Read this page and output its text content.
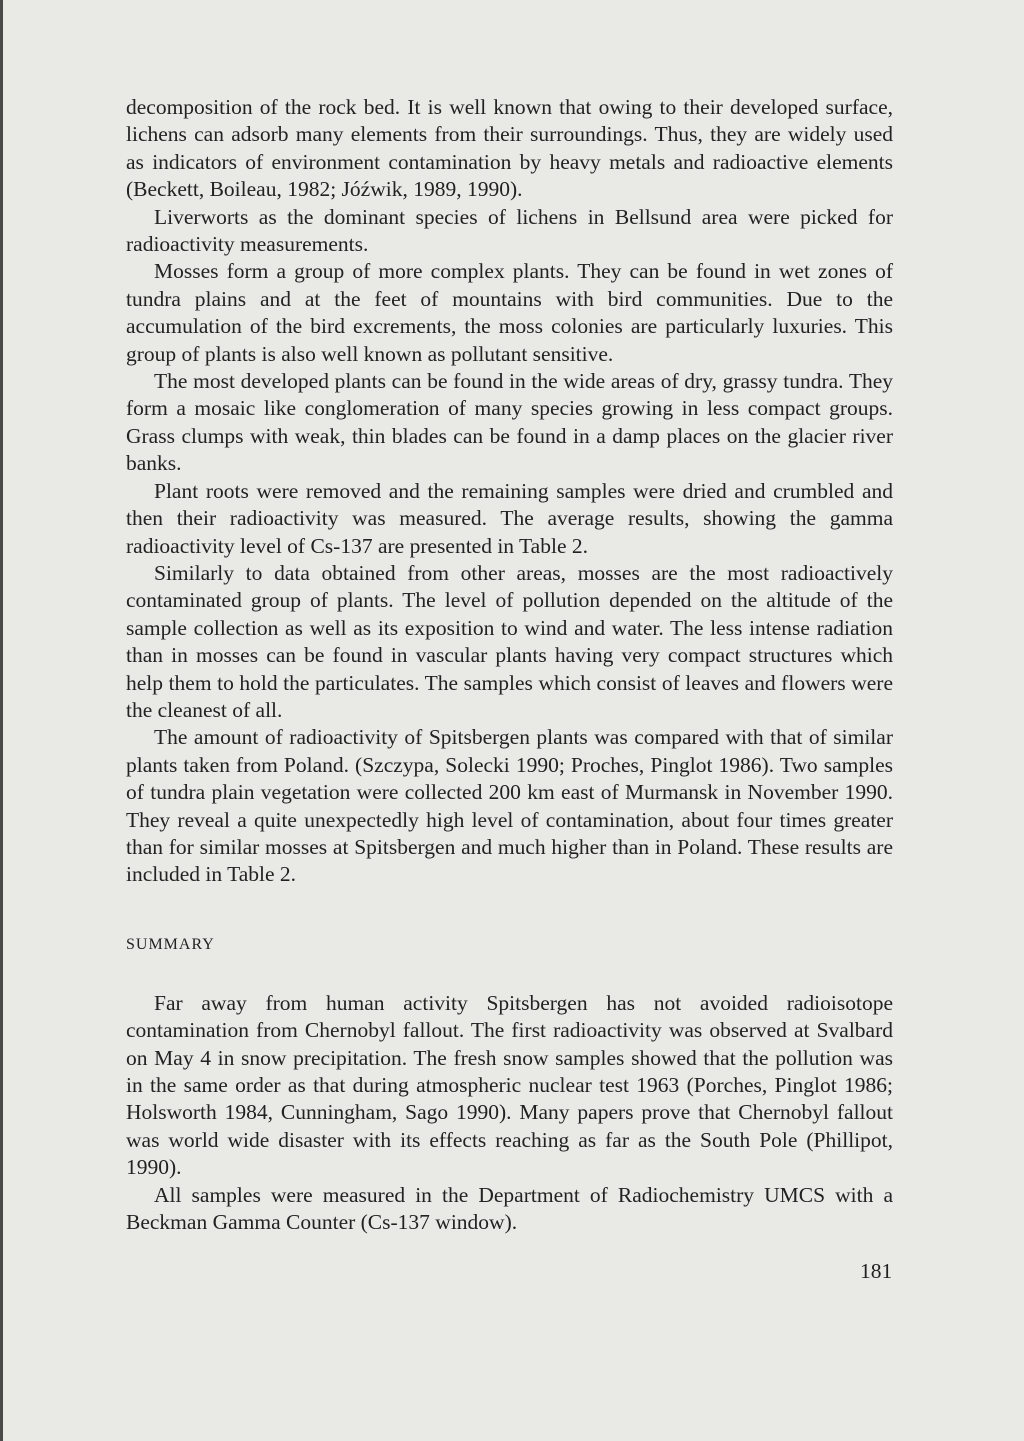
decomposition of the rock bed. It is well known that owing to their developed surface, lichens can adsorb many elements from their surroundings. Thus, they are widely used as indicators of environment contamination by heavy metals and radioactive elements (Beckett, Boileau, 1982; Jóźwik, 1989, 1990).

Liverworts as the dominant species of lichens in Bellsund area were picked for radioactivity measurements.

Mosses form a group of more complex plants. They can be found in wet zones of tundra plains and at the feet of mountains with bird communities. Due to the accumulation of the bird excrements, the moss colonies are particularly luxuries. This group of plants is also well known as pollutant sensitive.

The most developed plants can be found in the wide areas of dry, grassy tundra. They form a mosaic like conglomeration of many species growing in less compact groups. Grass clumps with weak, thin blades can be found in a damp places on the glacier river banks.

Plant roots were removed and the remaining samples were dried and crumbled and then their radioactivity was measured. The average results, showing the gamma radioactivity level of Cs-137 are presented in Table 2.

Similarly to data obtained from other areas, mosses are the most radioactively contaminated group of plants. The level of pollution depended on the altitude of the sample collection as well as its exposition to wind and water. The less intense radiation than in mosses can be found in vascular plants having very compact structures which help them to hold the particulates. The samples which consist of leaves and flowers were the cleanest of all.

The amount of radioactivity of Spitsbergen plants was compared with that of similar plants taken from Poland. (Szczypa, Solecki 1990; Proches, Pinglot 1986). Two samples of tundra plain vegetation were collected 200 km east of Murmansk in November 1990. They reveal a quite unexpectedly high level of contamination, about four times greater than for similar mosses at Spitsbergen and much higher than in Poland. These results are included in Table 2.

SUMMARY

Far away from human activity Spitsbergen has not avoided radioisotope contamination from Chernobyl fallout. The first radioactivity was observed at Svalbard on May 4 in snow precipitation. The fresh snow samples showed that the pollution was in the same order as that during atmospheric nuclear test 1963 (Porches, Pinglot 1986; Holsworth 1984, Cunningham, Sago 1990). Many papers prove that Chernobyl fallout was world wide disaster with its effects reaching as far as the South Pole (Phillipot, 1990).

All samples were measured in the Department of Radiochemistry UMCS with a Beckman Gamma Counter (Cs-137 window).

181
